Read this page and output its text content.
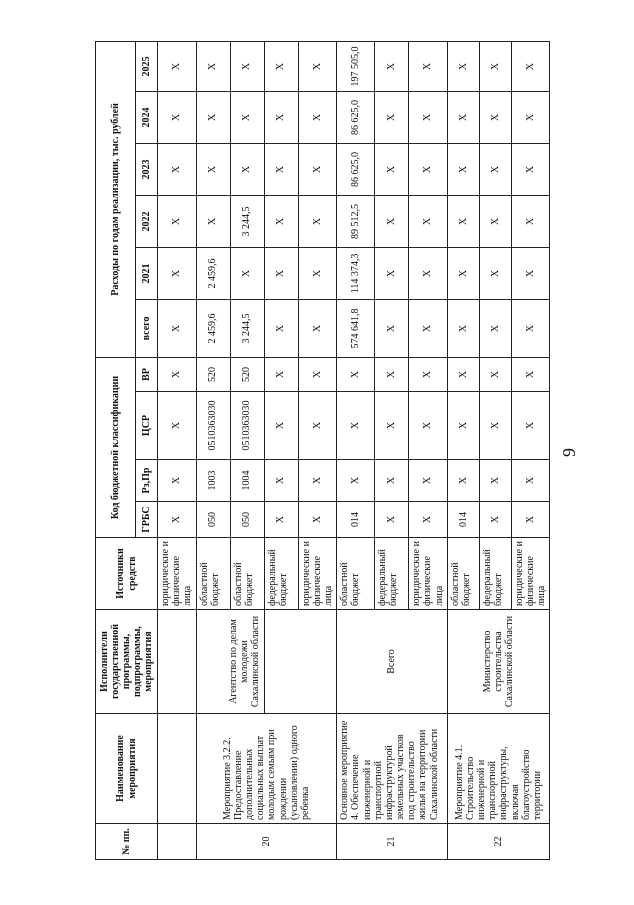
9
№ пп.	Наименование мероприятия	Исполнители государственной программы, подпрограммы, мероприятия	Источники средств	Код бюджетной классификации				Расходы по годам реализации, тыс. рублей					
				ГРБС	Рз,Пр	ЦСР	ВР	всего	2021	2022	2023	2024	2025
			юридические и физические лица	X	X	X	X	X	X	X	X	X	X
20	Мероприятие 3.2.2. Предоставление дополнительных социальных выплат молодым семьям при рождении (усыновлении) одного ребенка	Агентство по делам молодежи Сахалинской области	областной бюджет	050	1003	0510363030	520	2 459,6	2 459,6	X	X	X	X
			областной бюджет	050	1004	0510363030	520	3 244,5	X	3 244,5	X	X	X
			федеральный бюджет	X	X	X	X	X	X	X	X	X	X
			юридические и физические лица	X	X	X	X	X	X	X	X	X	X
21	Основное мероприятие 4. Обеспечение инженерной и транспортной инфраструктурой земельных участков под строительство жилья на территории Сахалинской области	Всего	областной бюджет	014	X	X	X	574 641,8	114 374,3	89 512,5	86 625,0	86 625,0	197 505,0
			федеральный бюджет	X	X	X	X	X	X	X	X	X	X
			юридические и физические лица	X	X	X	X	X	X	X	X	X	X
22	Мероприятие 4.1. Строительство инженерной и транспортной инфраструктуры, включая благоустройство территории	Министерство строительства Сахалинской области	областной бюджет	014	X	X	X	X	X	X	X	X	X
			федеральный бюджет	X	X	X	X	X	X	X	X	X	X
			юридические и физические лица	X	X	X	X	X	X	X	X	X	X
